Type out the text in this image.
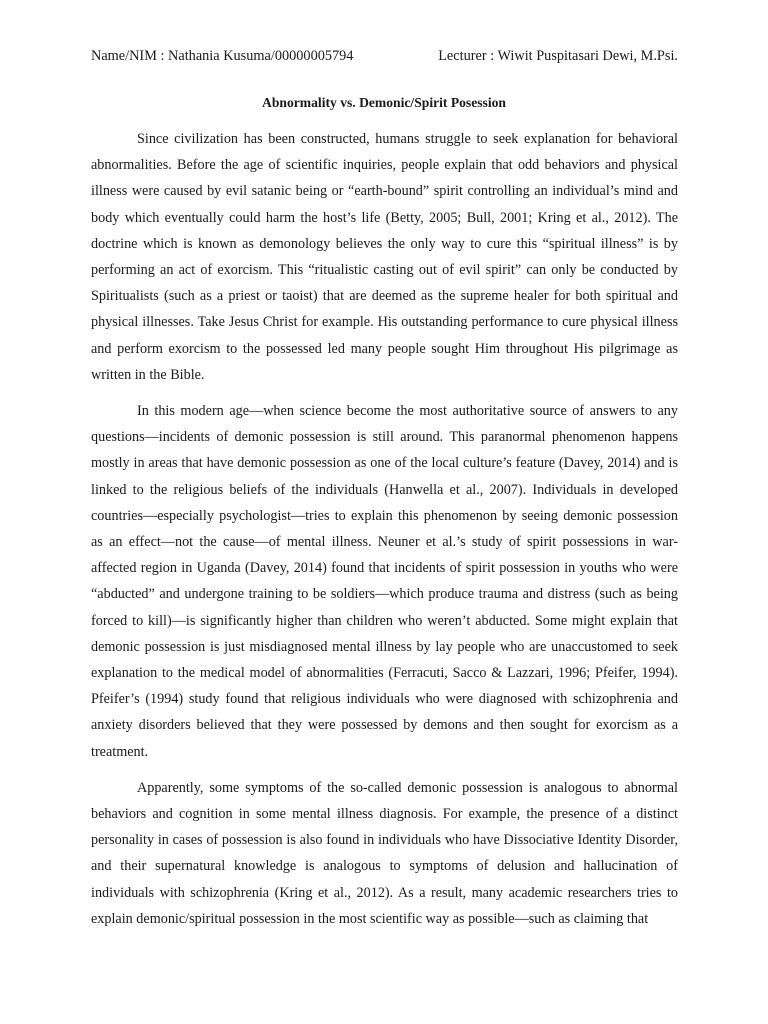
Name/NIM : Nathania Kusuma/00000005794	Lecturer : Wiwit Puspitasari Dewi, M.Psi.
Abnormality vs. Demonic/Spirit Posession

Since civilization has been constructed, humans struggle to seek explanation for behavioral abnormalities. Before the age of scientific inquiries, people explain that odd behaviors and physical illness were caused by evil satanic being or “earth-bound” spirit controlling an individual’s mind and body which eventually could harm the host’s life (Betty, 2005; Bull, 2001; Kring et al., 2012). The doctrine which is known as demonology believes the only way to cure this “spiritual illness” is by performing an act of exorcism. This “ritualistic casting out of evil spirit” can only be conducted by Spiritualists (such as a priest or taoist) that are deemed as the supreme healer for both spiritual and physical illnesses. Take Jesus Christ for example. His outstanding performance to cure physical illness and perform exorcism to the possessed led many people sought Him throughout His pilgrimage as written in the Bible.

In this modern age—when science become the most authoritative source of answers to any questions—incidents of demonic possession is still around. This paranormal phenomenon happens mostly in areas that have demonic possession as one of the local culture’s feature (Davey, 2014) and is linked to the religious beliefs of the individuals (Hanwella et al., 2007). Individuals in developed countries—especially psychologist—tries to explain this phenomenon by seeing demonic possession as an effect—not the cause—of mental illness. Neuner et al.’s study of spirit possessions in war-affected region in Uganda (Davey, 2014) found that incidents of spirit possession in youths who were “abducted” and undergone training to be soldiers—which produce trauma and distress (such as being forced to kill)—is significantly higher than children who weren’t abducted. Some might explain that demonic possession is just misdiagnosed mental illness by lay people who are unaccustomed to seek explanation to the medical model of abnormalities (Ferracuti, Sacco & Lazzari, 1996; Pfeifer, 1994). Pfeifer’s (1994) study found that religious individuals who were diagnosed with schizophrenia and anxiety disorders believed that they were possessed by demons and then sought for exorcism as a treatment.

Apparently, some symptoms of the so-called demonic possession is analogous to abnormal behaviors and cognition in some mental illness diagnosis. For example, the presence of a distinct personality in cases of possession is also found in individuals who have Dissociative Identity Disorder, and their supernatural knowledge is analogous to symptoms of delusion and hallucination of individuals with schizophrenia (Kring et al., 2012). As a result, many academic researchers tries to explain demonic/spiritual possession in the most scientific way as possible—such as claiming that
